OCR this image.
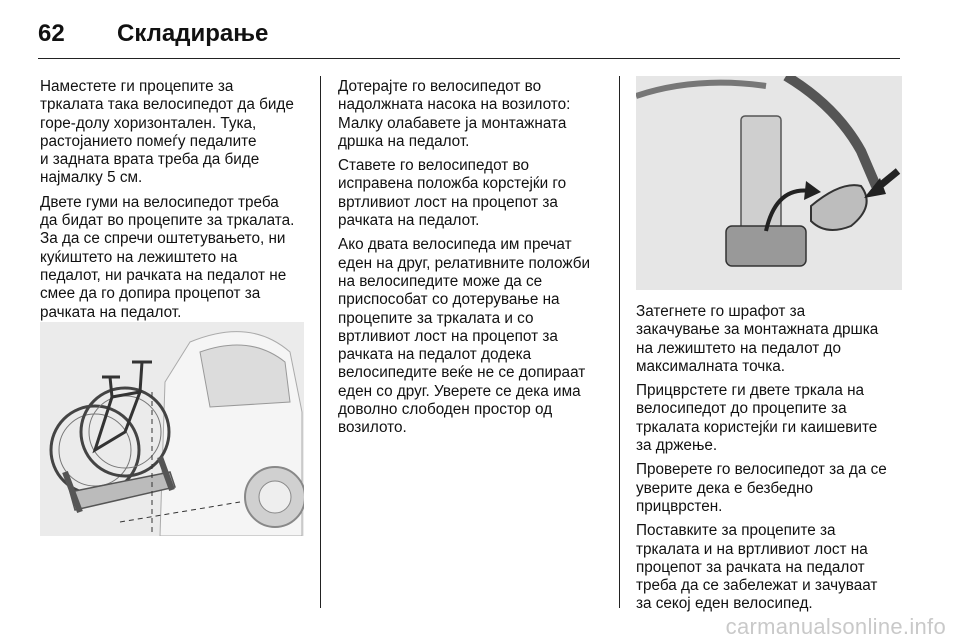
62 Складирање

Наместете ги процепите за
тркалата така велосипедот да биде
горе-долу хоризонтален. Тука,
растојанието помеѓу педалите
и задната врата треба да биде
најмалку 5 см.

Двете гуми на велосипедот треба
да бидат во процепите за тркалата.
За да се спречи оштетувањето, ни
куќиштето на лежиштето на
педалот, ни рачката на педалот не
смее да го допира процепот за
рачката на педалот.

Дотерајте го велосипедот во
надолжната насока на возилото:
Малку олабавете ја монтажната
дршка на педалот.

Ставете го велосипедот во
исправена положба корстејќи го
вртливиот лост на процепот за
рачката на педалот.

Ако двата велосипеда им пречат
еден на друг, релативните положби
на велосипедите може да се
приспособат со дотерување на
процепите за тркалата и со
вртливиот лост на процепот за
рачката на педалот додека
велосипедите веќе не се допираат
еден со друг. Уверете се дека има
доволно слободен простор од
возилото.

Затегнете го шрафот за
закачување за монтажната дршка
на лежиштето на педалот до
максималната точка.

Прицврстете ги двете тркала на
велосипедот до процепите за
тркалата користејќи ги каишевите
за држење.

Проверете го велосипедот за да се
уверите дека е безбедно
прицврстен.

Поставките за процепите за
тркалата и на вртливиот лост на
процепот за рачката на педалот
треба да се забележат и зачуваат
за секој еден велосипед.

carmanualsonline.info
